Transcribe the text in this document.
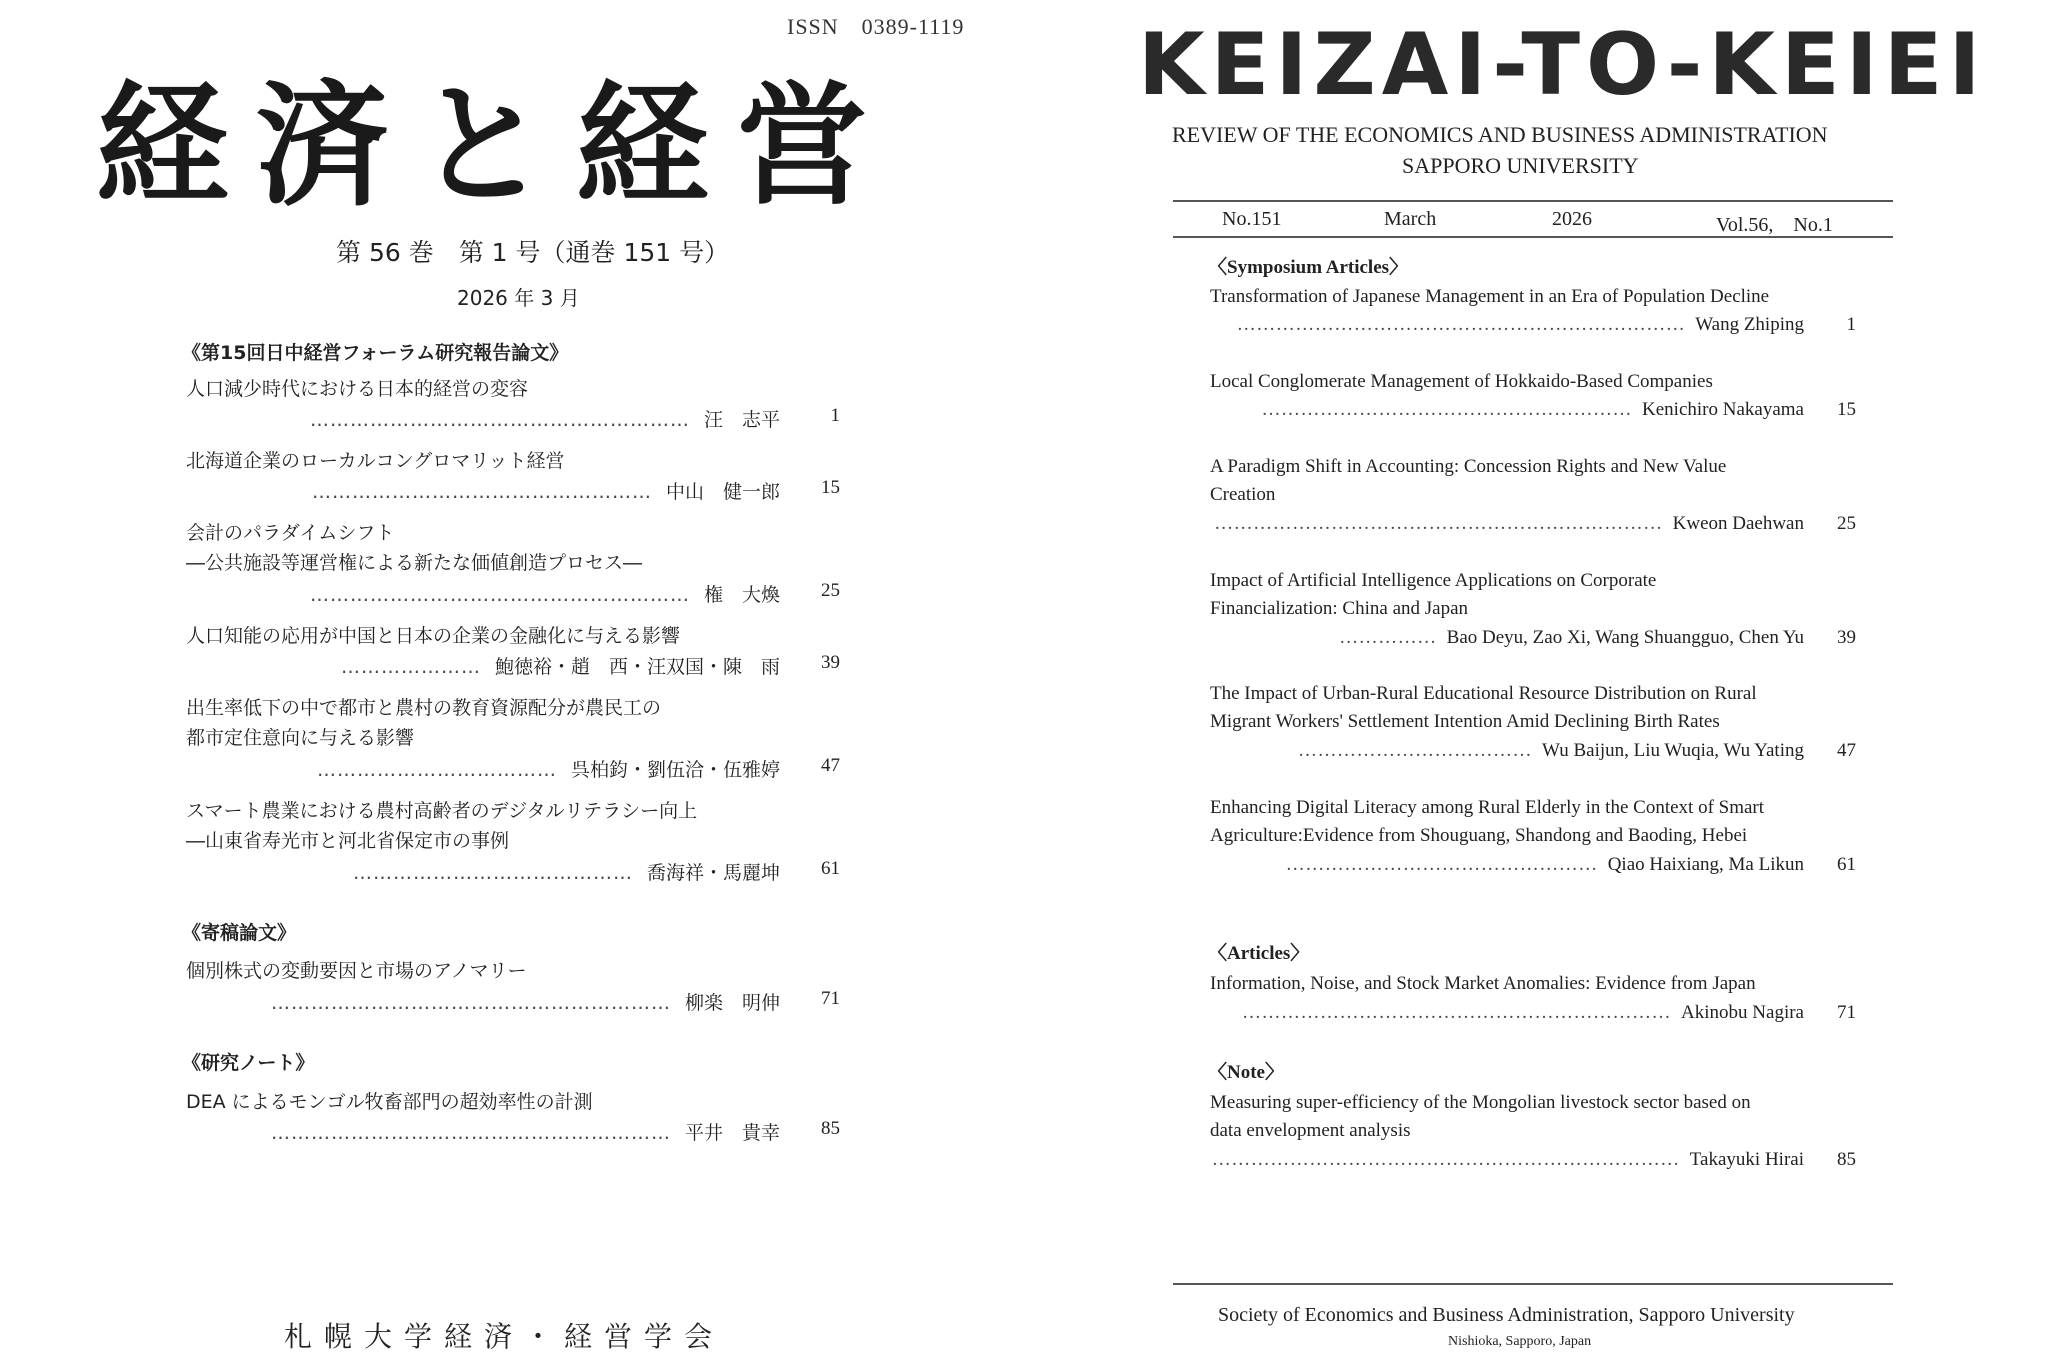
ISSN　0389-1119
経済と経営
第 56 巻　第 1 号（通巻 151 号）
2026 年 3 月
《第15回日中経営フォーラム研究報告論文》
人口減少時代における日本的経営の変容
………………………………………………… 汪　志平	1
北海道企業のローカルコングロマリット経営
…………………………………………… 中山　健一郎	15
会計のパラダイムシフト
―公共施設等運営権による新たな価値創造プロセス―
………………………………………………… 権　大煥	25
人口知能の応用が中国と日本の企業の金融化に与える影響
………………… 鮑徳裕・趙　西・汪双国・陳　雨	39
出生率低下の中で都市と農村の教育資源配分が農民工の
都市定住意向に与える影響
……………………………… 呉柏鈞・劉伍洽・伍雅婷	47
スマート農業における農村高齢者のデジタルリテラシー向上
―山東省寿光市と河北省保定市の事例
…………………………………… 喬海祥・馬麗坤	61
《寄稿論文》
個別株式の変動要因と市場のアノマリー
…………………………………………………… 柳楽　明伸	71
《研究ノート》
DEA によるモンゴル牧畜部門の超効率性の計測
…………………………………………………… 平井　貴幸	85
札幌大学経済・経営学会
KEIZAI-TO-KEIEI
REVIEW OF THE ECONOMICS AND BUSINESS ADMINISTRATION
SAPPORO UNIVERSITY
No.151	March	2026	Vol.56,　No.1
〈Symposium Articles〉
Transformation of Japanese Management in an Era of Population Decline
…………………………………………………………… Wang Zhiping	1
Local Conglomerate Management of Hokkaido-Based Companies
………………………………………………… Kenichiro Nakayama	15
A Paradigm Shift in Accounting: Concession Rights and New Value
Creation
…………………………………………………………… Kweon Daehwan	25
Impact of Artificial Intelligence Applications on Corporate
Financialization: China and Japan
…………… Bao Deyu, Zao Xi, Wang Shuangguo, Chen Yu	39
The Impact of Urban-Rural Educational Resource Distribution on Rural
Migrant Workers' Settlement Intention Amid Declining Birth Rates
……………………………… Wu Baijun, Liu Wuqia, Wu Yating	47
Enhancing Digital Literacy among Rural Elderly in the Context of Smart
Agriculture:Evidence from Shouguang, Shandong and Baoding, Hebei
………………………………………… Qiao Haixiang, Ma Likun	61
〈Articles〉
Information, Noise, and Stock Market Anomalies: Evidence from Japan
………………………………………………………… Akinobu Nagira	71
〈Note〉
Measuring super-efficiency of the Mongolian livestock sector based on
data envelopment analysis
……………………………………………………………… Takayuki Hirai	85
Society of Economics and Business Administration, Sapporo University
Nishioka, Sapporo, Japan
